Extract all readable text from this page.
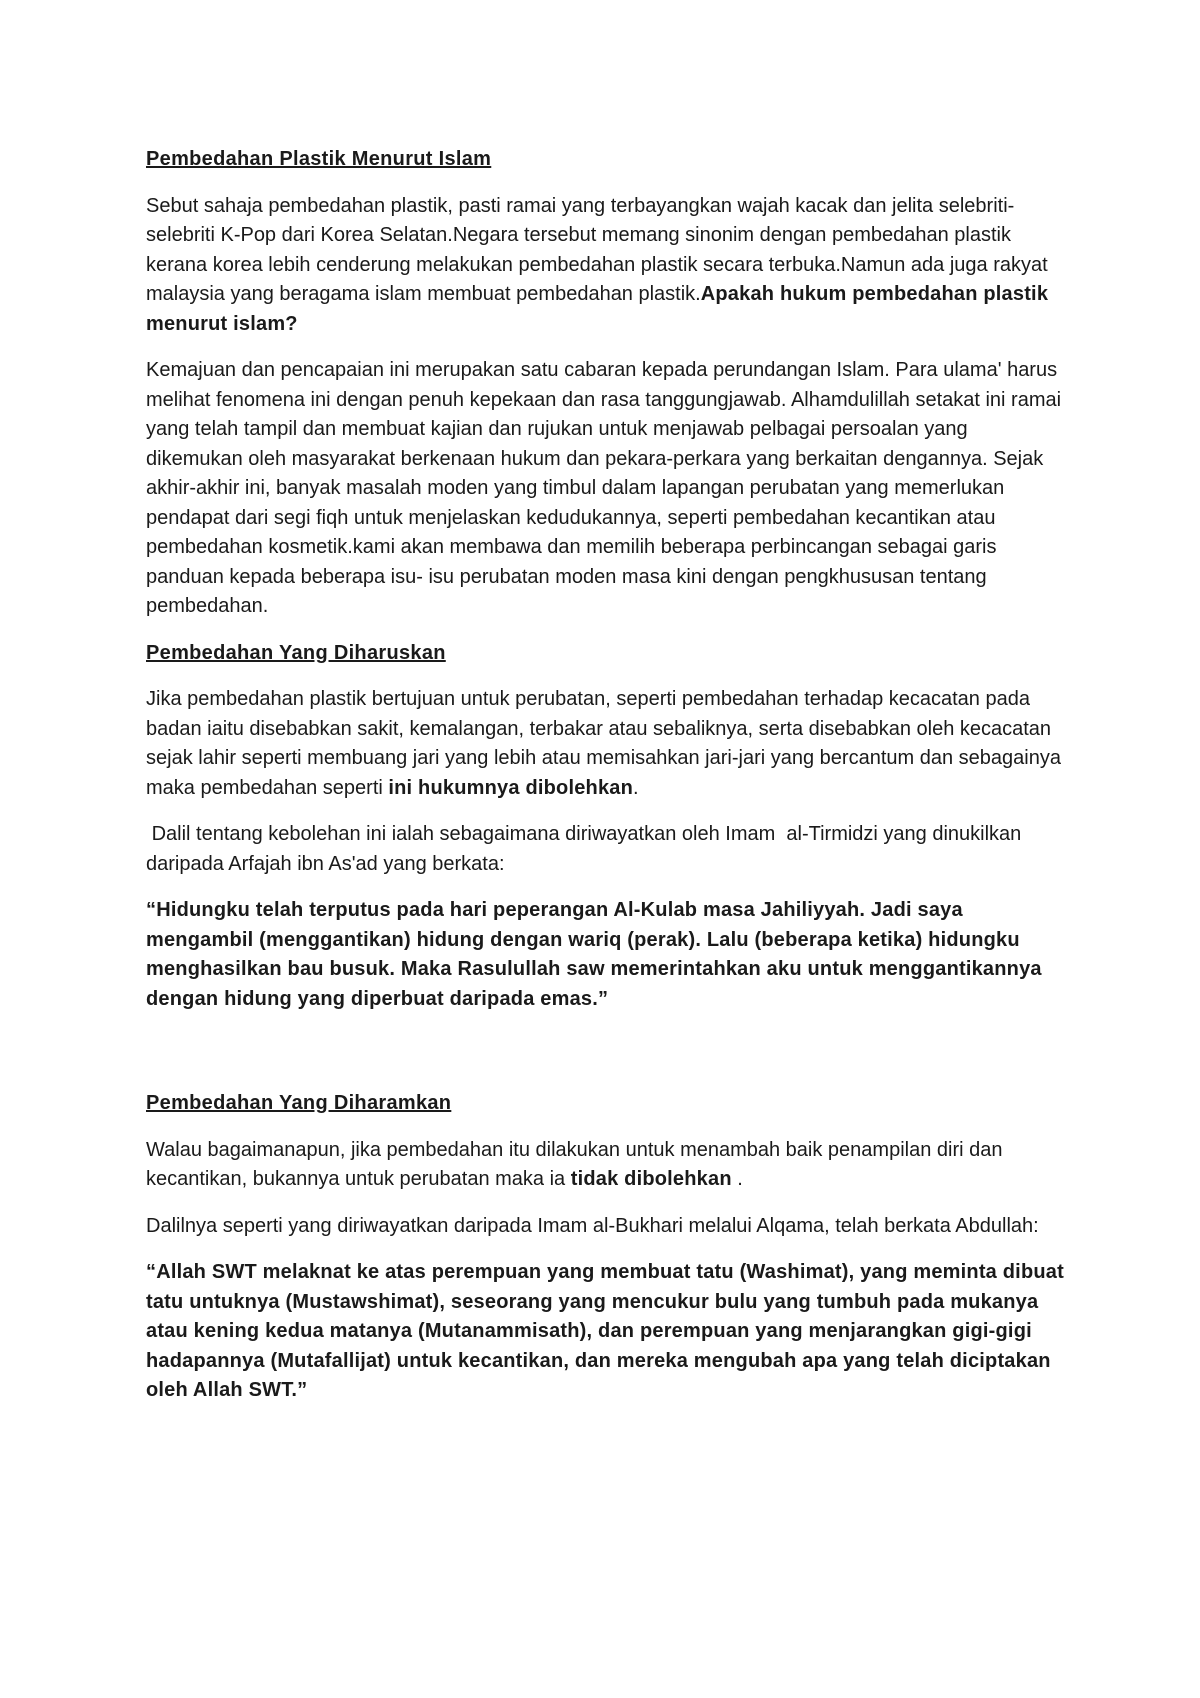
Pembedahan Plastik Menurut Islam
Sebut sahaja pembedahan plastik, pasti ramai yang terbayangkan wajah kacak dan jelita selebriti-selebriti K-Pop dari Korea Selatan.Negara tersebut memang sinonim dengan pembedahan plastik kerana korea lebih cenderung melakukan pembedahan plastik secara terbuka.Namun ada juga rakyat malaysia yang beragama islam membuat pembedahan plastik.Apakah hukum pembedahan plastik menurut islam?
Kemajuan dan pencapaian ini merupakan satu cabaran kepada perundangan Islam. Para ulama' harus melihat fenomena ini dengan penuh kepekaan dan rasa tanggungjawab. Alhamdulillah setakat ini ramai yang telah tampil dan membuat kajian dan rujukan untuk menjawab pelbagai persoalan yang dikemukan oleh masyarakat berkenaan hukum dan pekara-perkara yang berkaitan dengannya. Sejak akhir-akhir ini, banyak masalah moden yang timbul dalam lapangan perubatan yang memerlukan pendapat dari segi fiqh untuk menjelaskan kedudukannya, seperti pembedahan kecantikan atau pembedahan kosmetik.kami akan membawa dan memilih beberapa perbincangan sebagai garis panduan kepada beberapa isu- isu perubatan moden masa kini dengan pengkhususan tentang pembedahan.
Pembedahan Yang Diharuskan
Jika pembedahan plastik bertujuan untuk perubatan, seperti pembedahan terhadap kecacatan pada badan iaitu disebabkan sakit, kemalangan, terbakar atau sebaliknya, serta disebabkan oleh kecacatan sejak lahir seperti membuang jari yang lebih atau memisahkan jari-jari yang bercantum dan sebagainya maka pembedahan seperti ini hukumnya dibolehkan.
Dalil tentang kebolehan ini ialah sebagaimana diriwayatkan oleh Imam  al-Tirmidzi yang dinukilkan daripada Arfajah ibn As'ad yang berkata:
“Hidungku telah terputus pada hari peperangan Al-Kulab masa Jahiliyyah. Jadi saya mengambil (menggantikan) hidung dengan wariq (perak). Lalu (beberapa ketika) hidungku menghasilkan bau busuk. Maka Rasulullah saw memerintahkan aku untuk menggantikannya dengan hidung yang diperbuat daripada emas.”
Pembedahan Yang Diharamkan
Walau bagaimanapun, jika pembedahan itu dilakukan untuk menambah baik penampilan diri dan kecantikan, bukannya untuk perubatan maka ia tidak dibolehkan .
Dalilnya seperti yang diriwayatkan daripada Imam al-Bukhari melalui Alqama, telah berkata Abdullah:
“Allah SWT melaknat ke atas perempuan yang membuat tatu (Washimat), yang meminta dibuat tatu untuknya (Mustawshimat), seseorang yang mencukur bulu yang tumbuh pada mukanya atau kening kedua matanya (Mutanammisath), dan perempuan yang menjarangkan gigi-gigi hadapannya (Mutafallijat) untuk kecantikan, dan mereka mengubah apa yang telah diciptakan oleh Allah SWT.”
